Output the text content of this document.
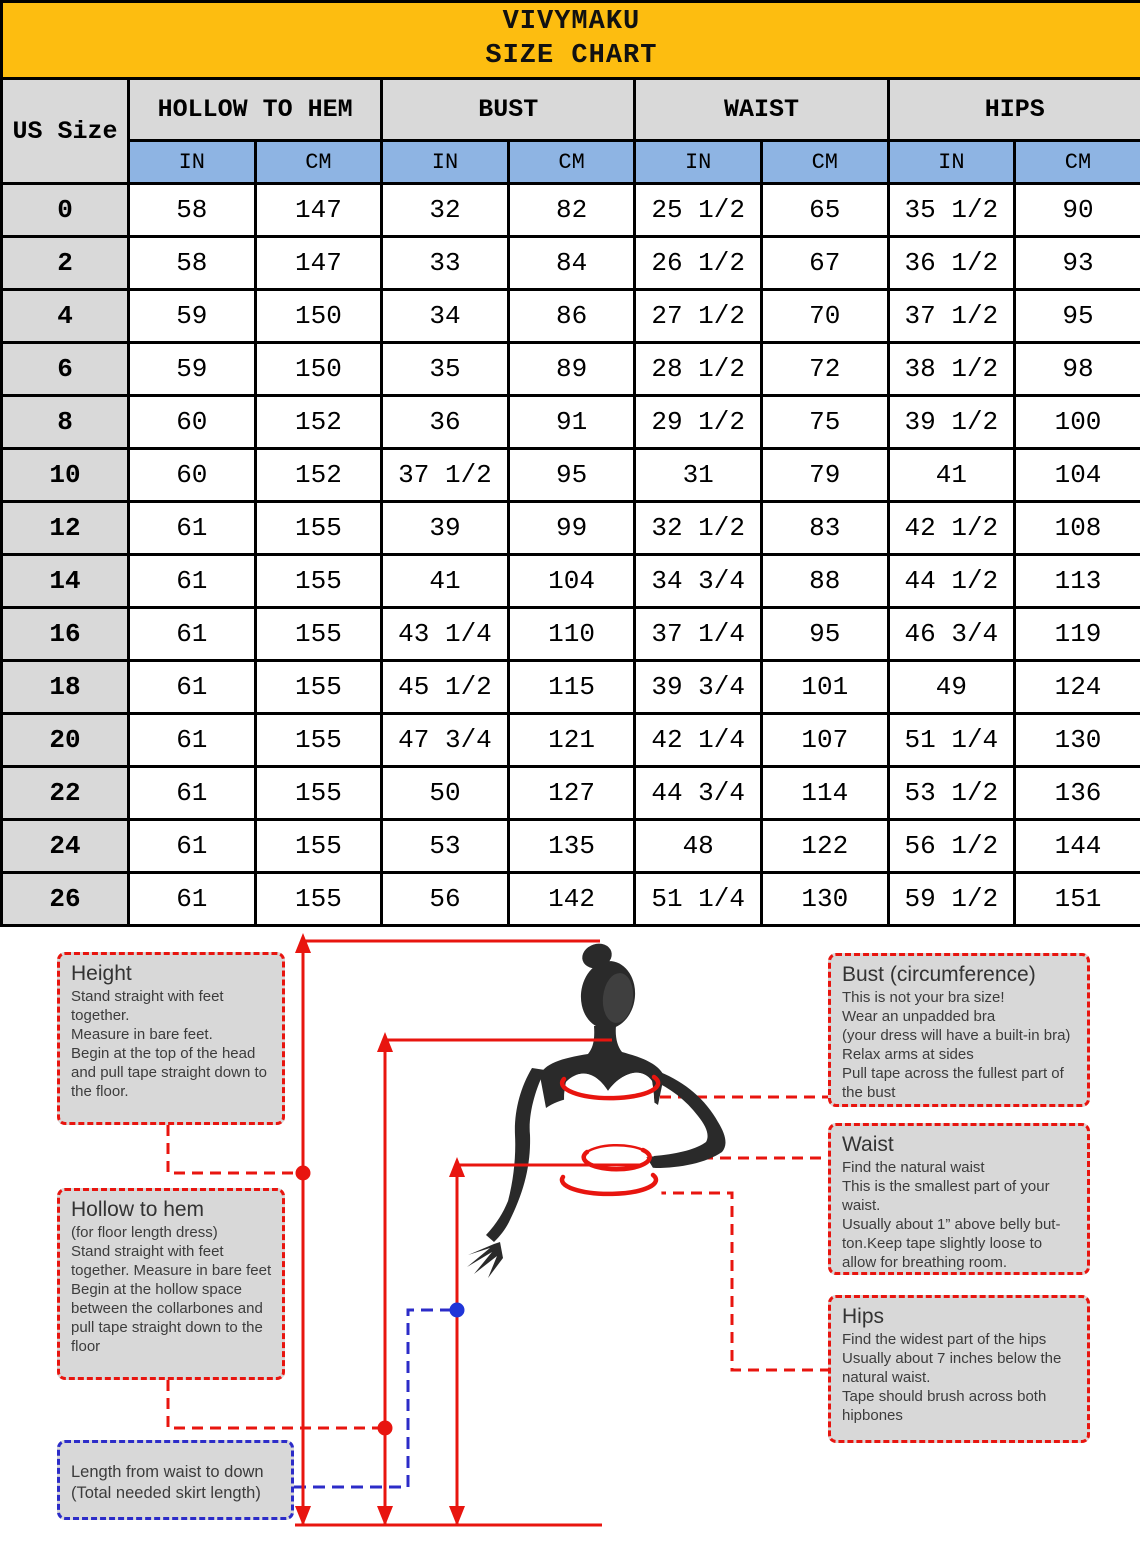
VIVYMAKU
SIZE CHART								

US Size	HOLLOW TO HEM		BUST		WAIST		HIPS	
	IN	CM	IN	CM	IN	CM	IN	CM
0	58	147	32	82	25 1/2	65	35 1/2	90
2	58	147	33	84	26 1/2	67	36 1/2	93
4	59	150	34	86	27 1/2	70	37 1/2	95
6	59	150	35	89	28 1/2	72	38 1/2	98
8	60	152	36	91	29 1/2	75	39 1/2	100
10	60	152	37 1/2	95	31	79	41	104
12	61	155	39	99	32 1/2	83	42 1/2	108
14	61	155	41	104	34 3/4	88	44 1/2	113
16	61	155	43 1/4	110	37 1/4	95	46 3/4	119
18	61	155	45 1/2	115	39 3/4	101	49	124
20	61	155	47 3/4	121	42 1/4	107	51 1/4	130
22	61	155	50	127	44 3/4	114	53 1/2	136
24	61	155	53	135	48	122	56 1/2	144
26	61	155	56	142	51 1/4	130	59 1/2	151
Height
Stand straight with feet
together.
Measure in bare feet.
Begin at the top of the head
and pull tape straight down to
the floor.
Hollow to hem
(for floor length dress)
Stand straight with feet
together. Measure in bare feet
Begin at the hollow space
between the collarbones and
pull tape straight down to the
floor
Length from waist to down
(Total needed skirt length)
Bust (circumference)
This is not your bra size!
Wear an unpadded bra
(your dress will have a built-in bra)
Relax arms at sides
Pull tape across the fullest part of
the bust
Waist
Find the natural waist
This is the smallest part of your
waist.
Usually about 1” above belly but-
ton.Keep tape slightly loose to
allow for breathing room.
Hips
Find the widest part of the hips
Usually about 7 inches below the
natural waist.
Tape should brush across both
hipbones
